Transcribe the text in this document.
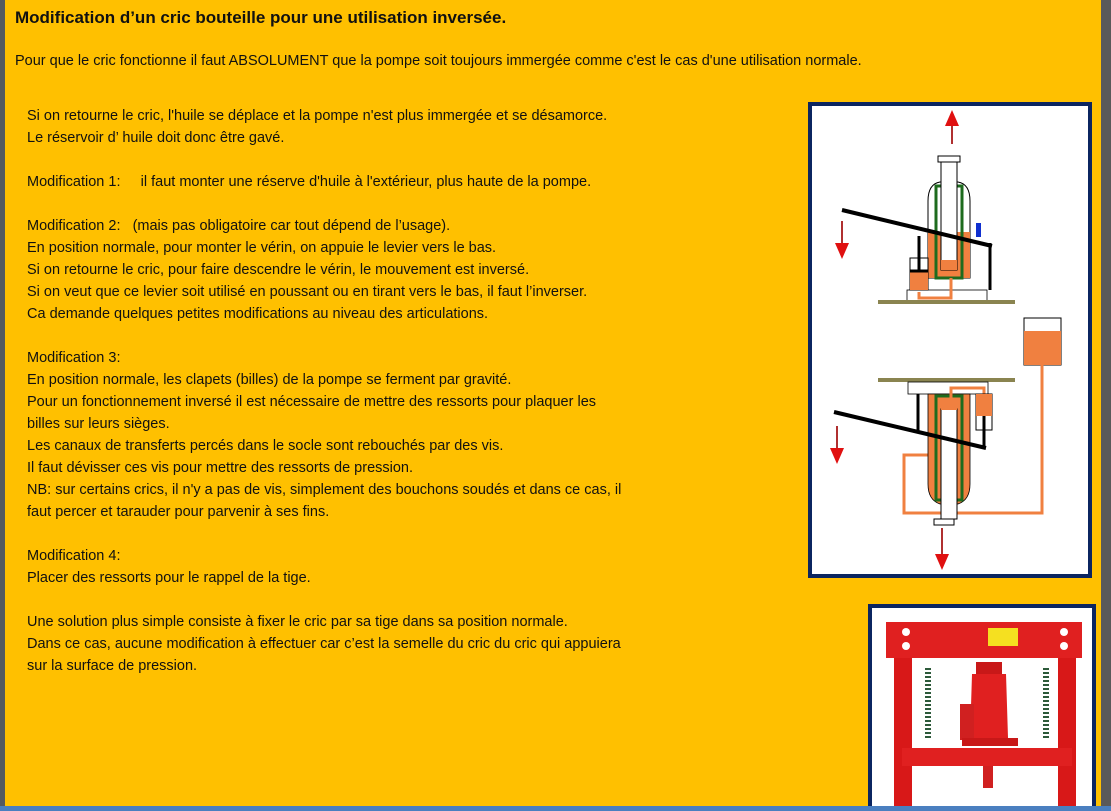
Modification d’un cric bouteille pour une utilisation inversée.

Pour que le cric fonctionne il faut ABSOLUMENT que la pompe soit toujours immergée comme c'est le cas d'une utilisation normale.

Si on retourne le cric, l'huile se déplace et la pompe n'est plus immergée et se désamorce.
Le réservoir d’ huile doit donc être gavé.

Modification 1:     il faut monter une réserve d'huile à l'extérieur, plus haute de la pompe.

Modification 2:   (mais pas obligatoire car tout dépend de l’usage).
En position normale, pour monter le vérin, on appuie le levier vers le bas.
Si on retourne le cric, pour faire descendre le vérin, le mouvement est inversé.
Si on veut que ce levier soit utilisé en poussant ou en tirant vers le bas, il faut l’inverser.
Ca demande quelques petites modifications au niveau des articulations.

Modification 3:
En position normale, les clapets (billes) de la pompe se ferment par gravité.
Pour un fonctionnement inversé il est nécessaire de mettre des ressorts pour plaquer les
billes sur leurs sièges.
Les canaux de transferts percés dans le socle sont rebouchés par des vis.
Il faut dévisser ces vis pour mettre des ressorts de pression.
NB: sur certains crics, il n'y a pas de vis, simplement des bouchons soudés et dans ce cas, il
faut percer et tarauder pour parvenir à ses fins.

Modification 4:
Placer des ressorts pour le rappel de la tige.

Une solution plus simple consiste à fixer le cric par sa tige dans sa position normale.
Dans ce cas, aucune modification à effectuer car c’est la semelle du cric du cric qui appuiera
sur la surface de pression.
